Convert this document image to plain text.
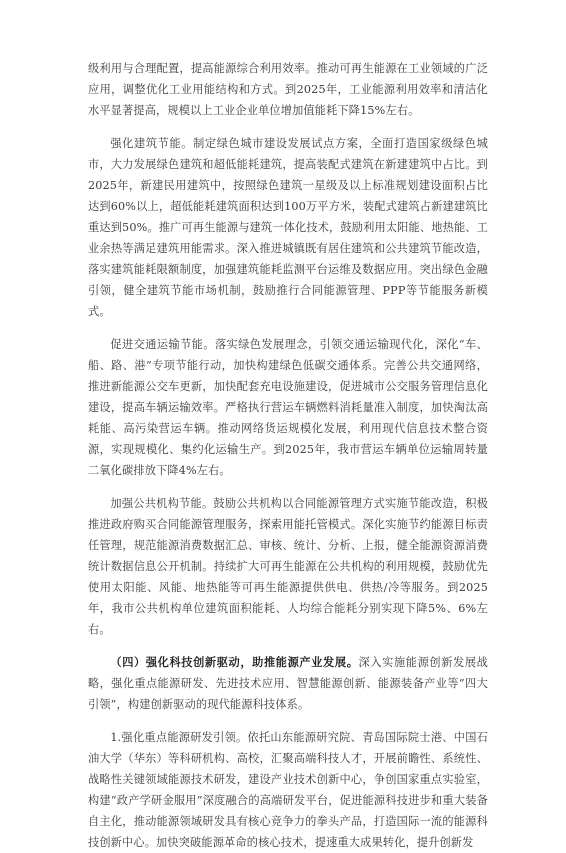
级利用与合理配置，提高能源综合利用效率。推动可再生能源在工业领域的广泛应用，调整优化工业用能结构和方式。到2025年，工业能源利用效率和清洁化水平显著提高，规模以上工业企业单位增加值能耗下降15%左右。

强化建筑节能。制定绿色城市建设发展试点方案，全面打造国家级绿色城市，大力发展绿色建筑和超低能耗建筑，提高装配式建筑在新建建筑中占比。到2025年，新建民用建筑中，按照绿色建筑一星级及以上标准规划建设面积占比达到60%以上，超低能耗建筑面积达到100万平方米，装配式建筑占新建建筑比重达到50%。推广可再生能源与建筑一体化技术，鼓励利用太阳能、地热能、工业余热等满足建筑用能需求。深入推进城镇既有居住建筑和公共建筑节能改造，落实建筑能耗限额制度，加强建筑能耗监测平台运维及数据应用。突出绿色金融引领，健全建筑节能市场机制，鼓励推行合同能源管理、PPP等节能服务新模式。

促进交通运输节能。落实绿色发展理念，引领交通运输现代化，深化“车、船、路、港”专项节能行动，加快构建绿色低碳交通体系。完善公共交通网络，推进新能源公交车更新，加快配套充电设施建设，促进城市公交服务管理信息化建设，提高车辆运输效率。严格执行营运车辆燃料消耗量准入制度，加快淘汰高耗能、高污染营运车辆。推动网络货运规模化发展，利用现代信息技术整合资源，实现规模化、集约化运输生产。到2025年，我市营运车辆单位运输周转量二氧化碳排放下降4%左右。

加强公共机构节能。鼓励公共机构以合同能源管理方式实施节能改造，积极推进政府购买合同能源管理服务，探索用能托管模式。深化实施节约能源目标责任管理，规范能源消费数据汇总、审核、统计、分析、上报，健全能源资源消费统计数据信息公开机制。持续扩大可再生能源在公共机构的利用规模，鼓励优先使用太阳能、风能、地热能等可再生能源提供供电、供热/冷等服务。到2025年，我市公共机构单位建筑面积能耗、人均综合能耗分别实现下降5%、6%左右。

（四）强化科技创新驱动，助推能源产业发展。深入实施能源创新发展战略，强化重点能源研发、先进技术应用、智慧能源创新、能源装备产业等“四大引领”，构建创新驱动的现代能源科技体系。

1.强化重点能源研发引领。依托山东能源研究院、青岛国际院士港、中国石油大学（华东）等科研机构、高校，汇聚高端科技人才，开展前瞻性、系统性、战略性关键领域能源技术研发，建设产业技术创新中心，争创国家重点实验室，构建“政产学研金服用”深度融合的高端研发平台，促进能源科技进步和重大装备自主化，推动能源领域研发具有核心竞争力的拳头产品，打造国际一流的能源科技创新中心。加快突破能源革命的核心技术，提速重大成果转化，提升创新发
